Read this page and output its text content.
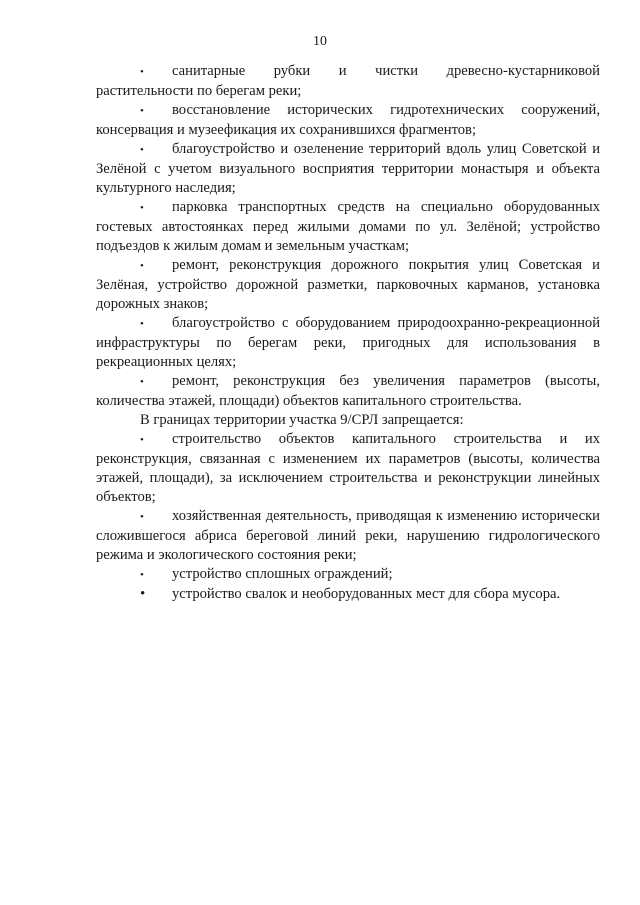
10

• санитарные рубки и чистки древесно-кустарниковой растительности по берегам реки;

• восстановление исторических гидротехнических сооружений, консервация и музеефикация их сохранившихся фрагментов;

• благоустройство и озеленение территорий вдоль улиц Советской и Зелёной с учетом визуального восприятия территории монастыря и объекта культурного наследия;

• парковка транспортных средств на специально оборудованных гостевых автостоянках перед жилыми домами по ул. Зелёной; устройство подъездов к жилым домам и земельным участкам;

• ремонт, реконструкция дорожного покрытия улиц Советская и Зелёная, устройство дорожной разметки, парковочных карманов, установка дорожных знаков;

• благоустройство с оборудованием природоохранно-рекреационной инфраструктуры по берегам реки, пригодных для использования в рекреационных целях;

• ремонт, реконструкция без увеличения параметров (высоты, количества этажей, площади) объектов капитального строительства.

В границах территории участка 9/СРЛ запрещается:

• строительство объектов капитального строительства и их реконструкция, связанная с изменением их параметров (высоты, количества этажей, площади), за исключением строительства и реконструкции линейных объектов;

• хозяйственная деятельность, приводящая к изменению исторически сложившегося абриса береговой линий реки, нарушению гидрологического режима и экологического состояния реки;

• устройство сплошных ограждений;

• устройство свалок и необорудованных мест для сбора мусора.
